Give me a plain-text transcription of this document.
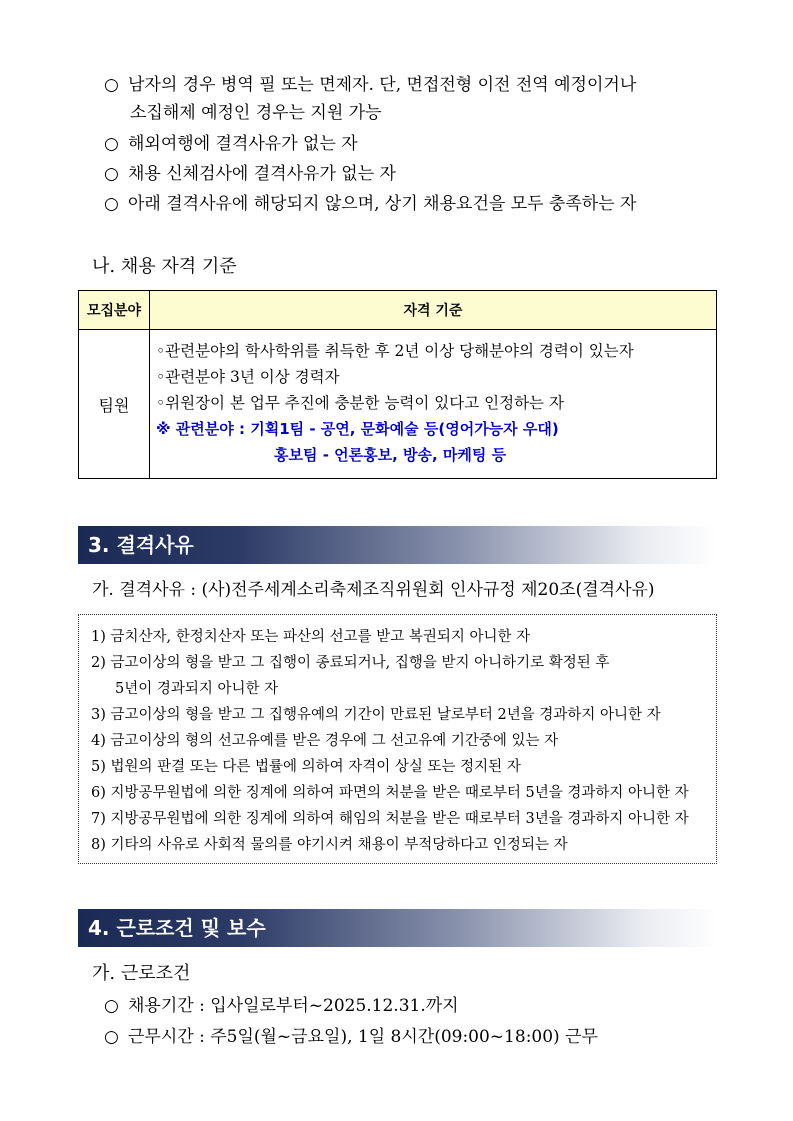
○ 남자의 경우 병역 필 또는 면제자. 단, 면접전형 이전 전역 예정이거나
소집해제 예정인 경우는 지원 가능
○ 해외여행에 결격사유가 없는 자
○ 채용 신체검사에 결격사유가 없는 자
○ 아래 결격사유에 해당되지 않으며, 상기 채용요건을 모두 충족하는 자
나. 채용 자격 기준
모집분야	자격 기준
팀원	◦관련분야의 학사학위를 취득한 후 2년 이상 당해분야의 경력이 있는자
◦관련분야 3년 이상 경력자
◦위원장이 본 업무 추진에 충분한 능력이 있다고 인정하는 자
※ 관련분야 : 기획1팀 - 공연, 문화예술 등(영어가능자 우대)
홍보팀 - 언론홍보, 방송, 마케팅 등
3. 결격사유
가. 결격사유 : (사)전주세계소리축제조직위원회 인사규정 제20조(결격사유)
1) 금치산자, 한정치산자 또는 파산의 선고를 받고 복권되지 아니한 자
2) 금고이상의 형을 받고 그 집행이 종료되거나, 집행을 받지 아니하기로 확정된 후
5년이 경과되지 아니한 자
3) 금고이상의 형을 받고 그 집행유예의 기간이 만료된 날로부터 2년을 경과하지 아니한 자
4) 금고이상의 형의 선고유예를 받은 경우에 그 선고유예 기간중에 있는 자
5) 법원의 판결 또는 다른 법률에 의하여 자격이 상실 또는 정지된 자
6) 지방공무원법에 의한 징계에 의하여 파면의 처분을 받은 때로부터 5년을 경과하지 아니한 자
7) 지방공무원법에 의한 징계에 의하여 해임의 처분을 받은 때로부터 3년을 경과하지 아니한 자
8) 기타의 사유로 사회적 물의를 야기시켜 채용이 부적당하다고 인정되는 자
4. 근로조건 및 보수
가. 근로조건
○ 채용기간 : 입사일로부터~2025.12.31.까지
○ 근무시간 : 주5일(월~금요일), 1일 8시간(09:00~18:00) 근무
